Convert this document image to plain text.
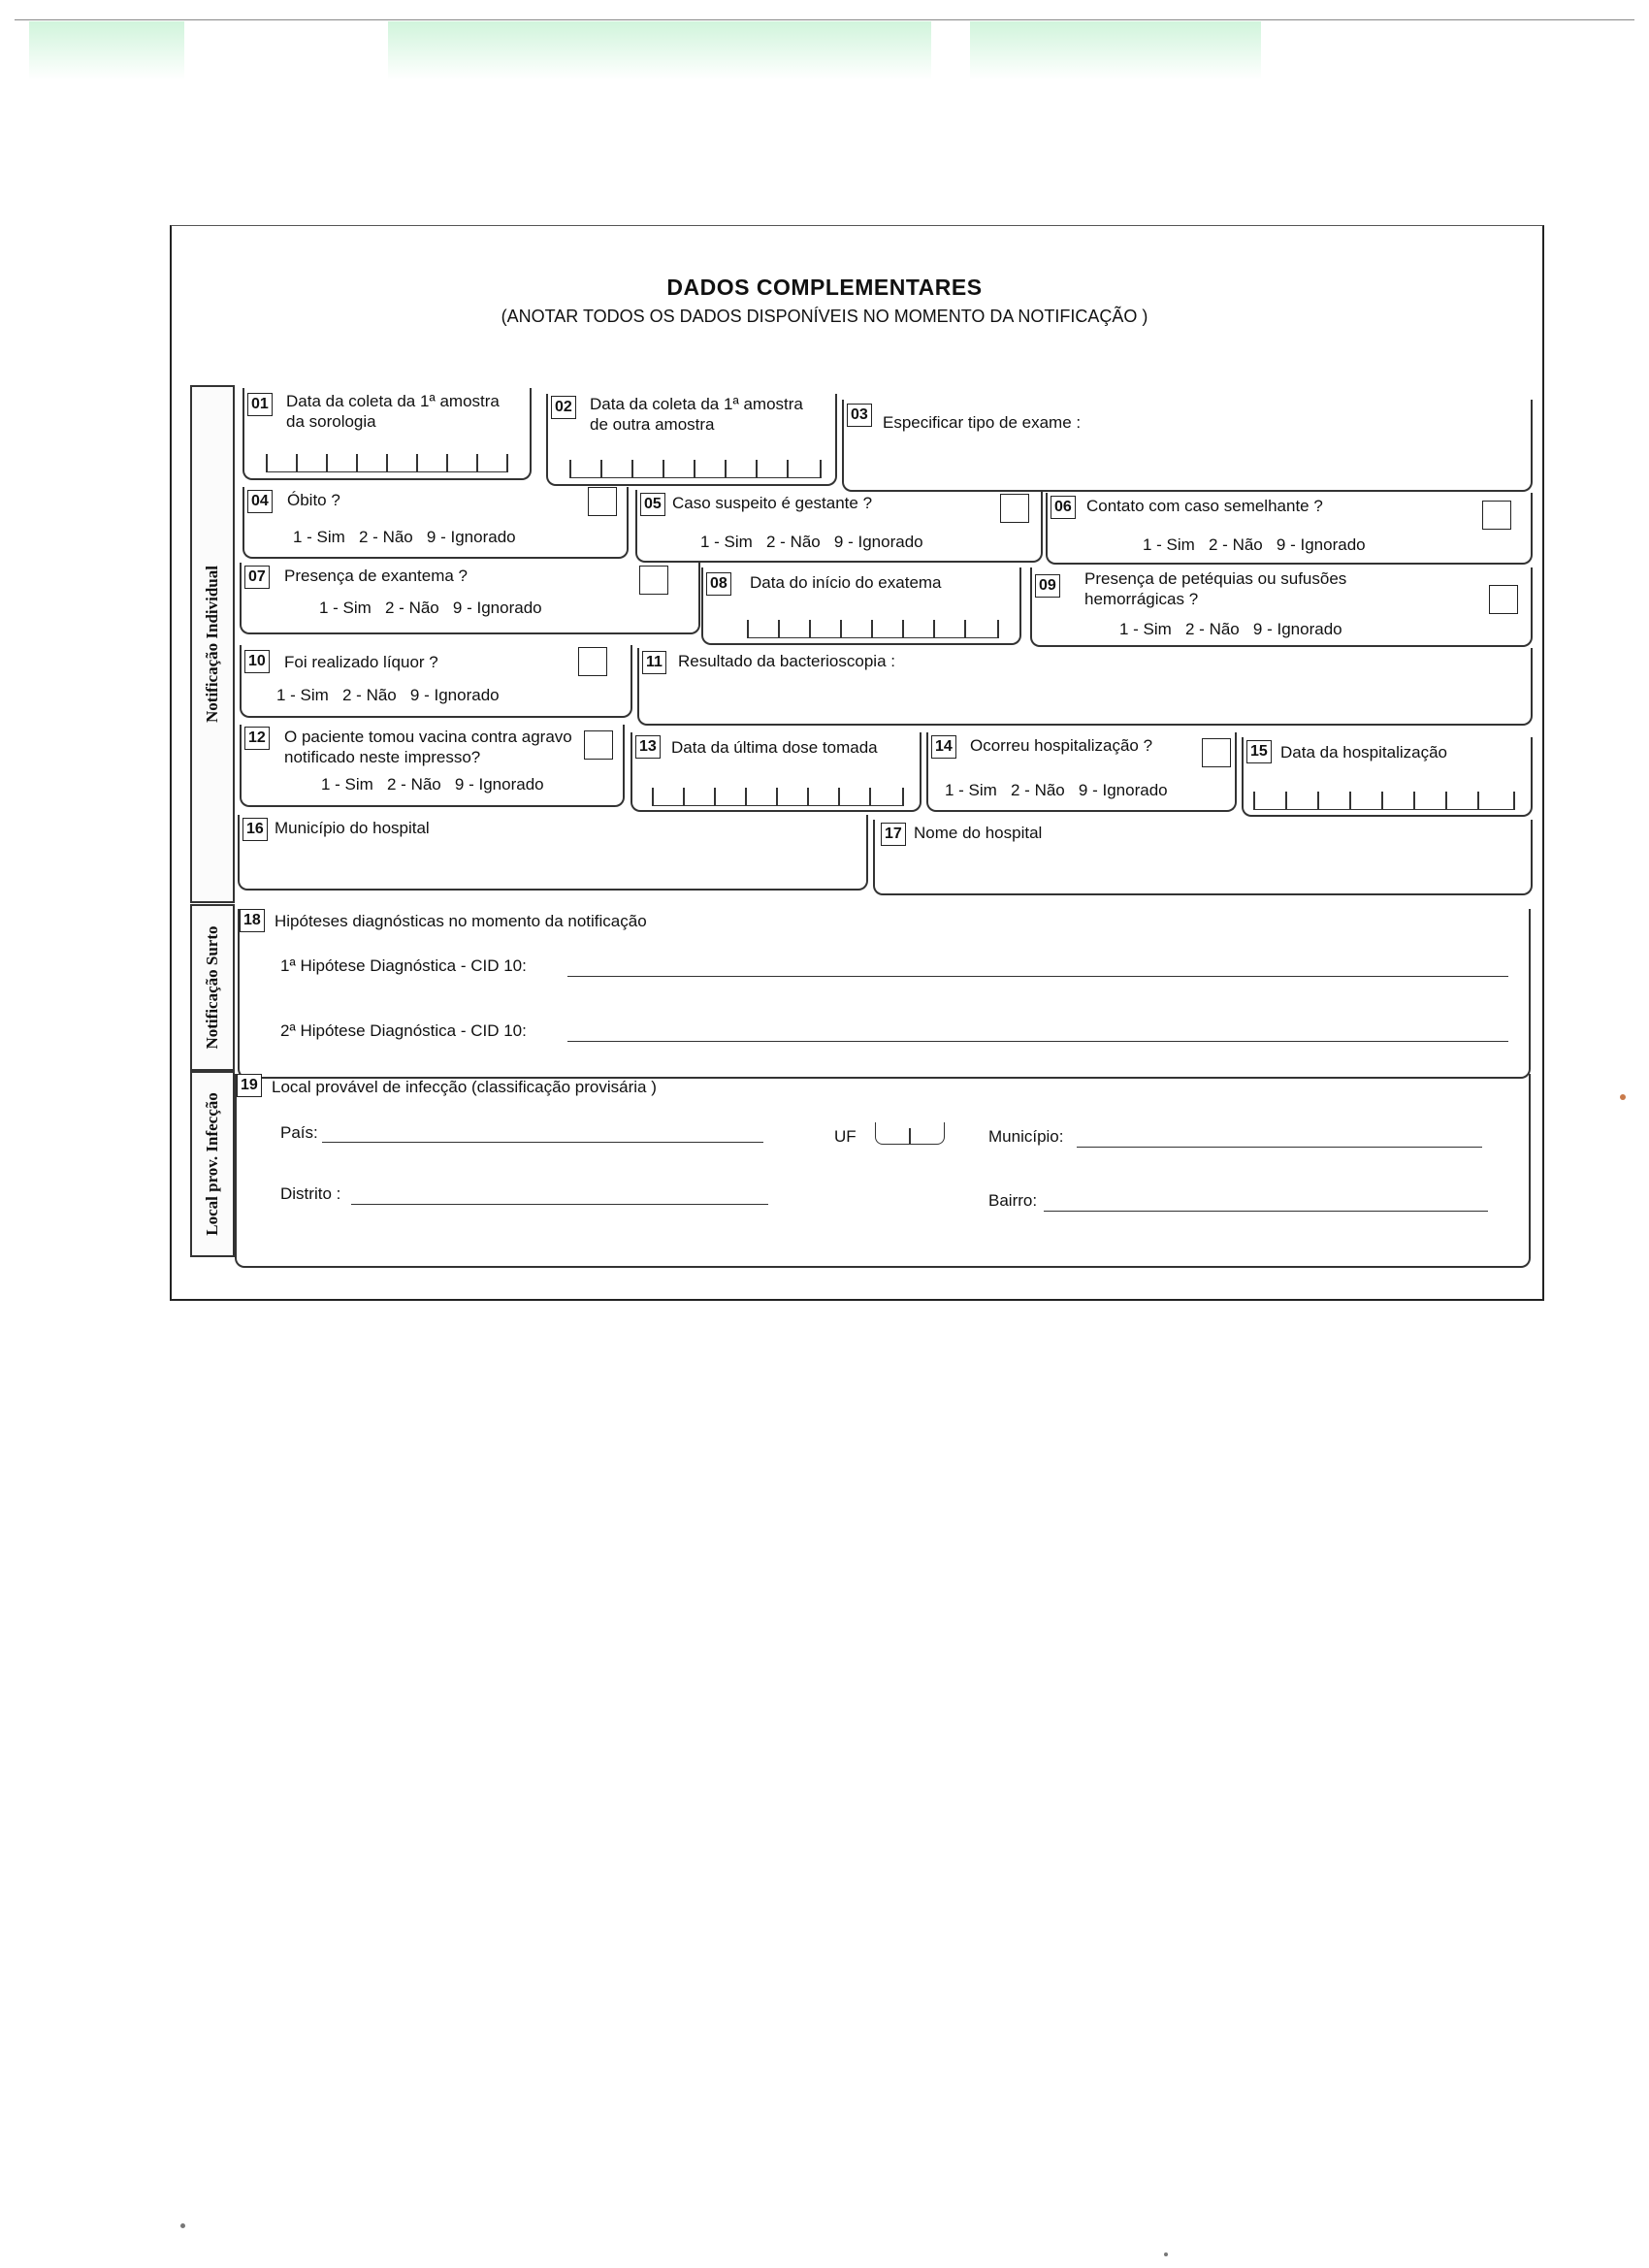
DADOS COMPLEMENTARES
(ANOTAR TODOS OS DADOS DISPONÍVEIS NO MOMENTO DA NOTIFICAÇÃO )
Notificação Individual
Notificação Surto
Local prov. Infecção
01 Data da coleta da 1ª amostra da sorologia
02 Data da coleta da 1ª amostra de outra amostra
03 Especificar tipo de exame :
04 Óbito ?
1 - Sim   2 - Não   9 - Ignorado
05 Caso suspeito é gestante ?
1 - Sim   2 - Não   9 - Ignorado
06 Contato com caso semelhante ?
1 - Sim   2 - Não   9 - Ignorado
07 Presença de exantema ?
1 - Sim   2 - Não   9 - Ignorado
08 Data do início do exatema	09 Presença de petéquias ou sufusões hemorrágicas ?
1 - Sim   2 - Não   9 - Ignorado
10 Foi realizado líquor ?
1 - Sim   2 - Não   9 - Ignorado
11 Resultado da bacterioscopia :
12 O paciente tomou vacina contra agravo notificado neste impresso?
1 - Sim   2 - Não   9 - Ignorado
13 Data da última dose tomada	14 Ocorreu hospitalização ?
1 - Sim   2 - Não   9 - Ignorado
15 Data da hospitalização
16 Município do hospital	17 Nome do hospital
18 Hipóteses diagnósticas no momento da notificação
1ª Hipótese Diagnóstica - CID 10:
2ª Hipótese Diagnóstica - CID 10:
19 Local provável de infecção (classificação provisária )
País:	UF	Município:
Distrito :	Bairro:
